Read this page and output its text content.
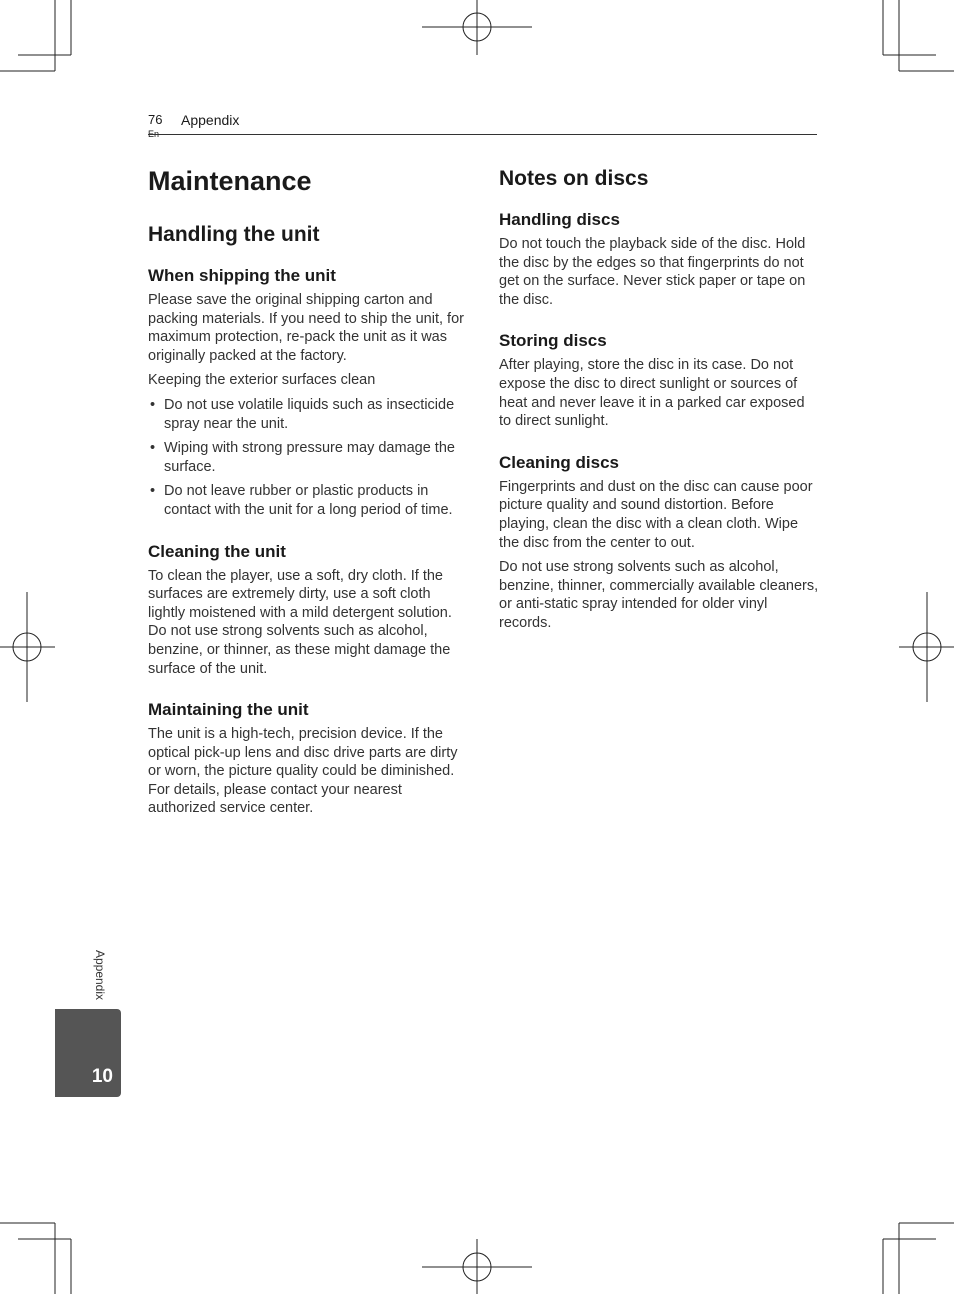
76
En
Appendix
Maintenance
Handling the unit
When shipping the unit

Please save the original shipping carton and packing materials. If you need to ship the unit, for maximum protection, re-pack the unit as it was originally packed at the factory.

Keeping the exterior surfaces clean

• Do not use volatile liquids such as insecticide spray near the unit.
• Wiping with strong pressure may damage the surface.
• Do not leave rubber or plastic products in contact with the unit for a long period of time.
Cleaning the unit

To clean the player, use a soft, dry cloth. If the surfaces are extremely dirty, use a soft cloth lightly moistened with a mild detergent solution. Do not use strong solvents such as alcohol, benzine, or thinner, as these might damage the surface of the unit.

Maintaining the unit

The unit is a high-tech, precision device. If the optical pick-up lens and disc drive parts are dirty or worn, the picture quality could be diminished. For details, please contact your nearest authorized service center.

Notes on discs
Handling discs

Do not touch the playback side of the disc. Hold the disc by the edges so that fingerprints do not get on the surface. Never stick paper or tape on the disc.

Storing discs

After playing, store the disc in its case. Do not expose the disc to direct sunlight or sources of heat and never leave it in a parked car exposed to direct sunlight.

Cleaning discs

Fingerprints and dust on the disc can cause poor picture quality and sound distortion. Before playing, clean the disc with a clean cloth. Wipe the disc from the center to out.

Do not use strong solvents such as alcohol, benzine, thinner, commercially available cleaners, or anti-static spray intended for older vinyl records.

Appendix
10
